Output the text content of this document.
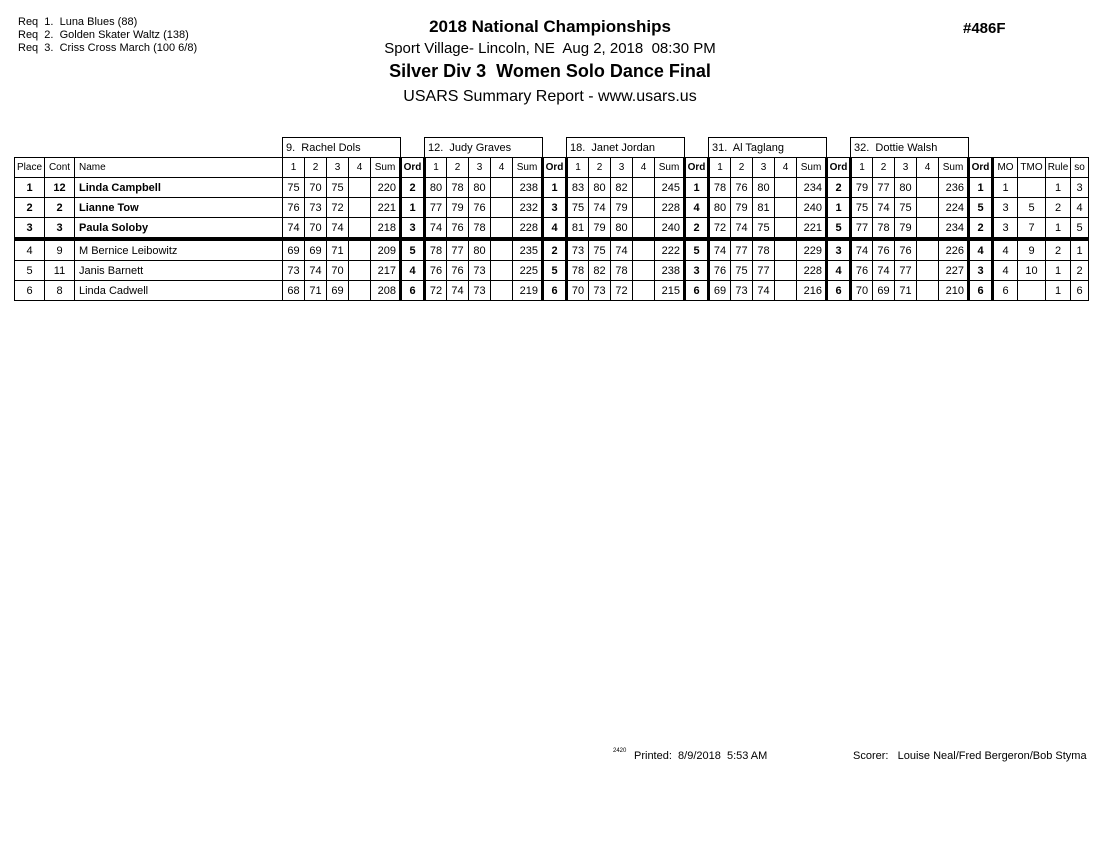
Req  1.  Luna Blues (88)
Req  2.  Golden Skater Waltz (138)
Req  3.  Criss Cross March (100 6/8)
2018 National Championships
Sport Village- Lincoln, NE  Aug 2, 2018  08:30 PM
Silver Div 3  Women Solo Dance Final
USARS Summary Report - www.usars.us
#486F
			9.  Rachel Dols						12.  Judy Graves						18.  Janet Jordan						31.  Al Taglang						32.  Dottie Walsh									
Place	Cont	Name	1	2	3	4	Sum	Ord	1	2	3	4	Sum	Ord	1	2	3	4	Sum	Ord	1	2	3	4	Sum	Ord	1	2	3	4	Sum	Ord	MO	TMO	Rule	so
1	12	Linda Campbell	75	70	75		220	2	80	78	80		238	1	83	80	82		245	1	78	76	80		234	2	79	77	80		236	1	1		1	3
2	2	Lianne Tow	76	73	72		221	1	77	79	76		232	3	75	74	79		228	4	80	79	81		240	1	75	74	75		224	5	3	5	2	4
3	3	Paula Soloby	74	70	74		218	3	74	76	78		228	4	81	79	80		240	2	72	74	75		221	5	77	78	79		234	2	3	7	1	5
4	9	M Bernice Leibowitz	69	69	71		209	5	78	77	80		235	2	73	75	74		222	5	74	77	78		229	3	74	76	76		226	4	4	9	2	1
5	11	Janis Barnett	73	74	70		217	4	76	76	73		225	5	78	82	78		238	3	76	75	77		228	4	76	74	77		227	3	4	10	1	2
6	8	Linda Cadwell	68	71	69		208	6	72	74	73		219	6	70	73	72		215	6	69	73	74		216	6	70	69	71		210	6	6		1	6
2420 Printed:  8/9/2018  5:53 AM	Scorer:   Louise Neal/Fred Bergeron/Bob Styma
